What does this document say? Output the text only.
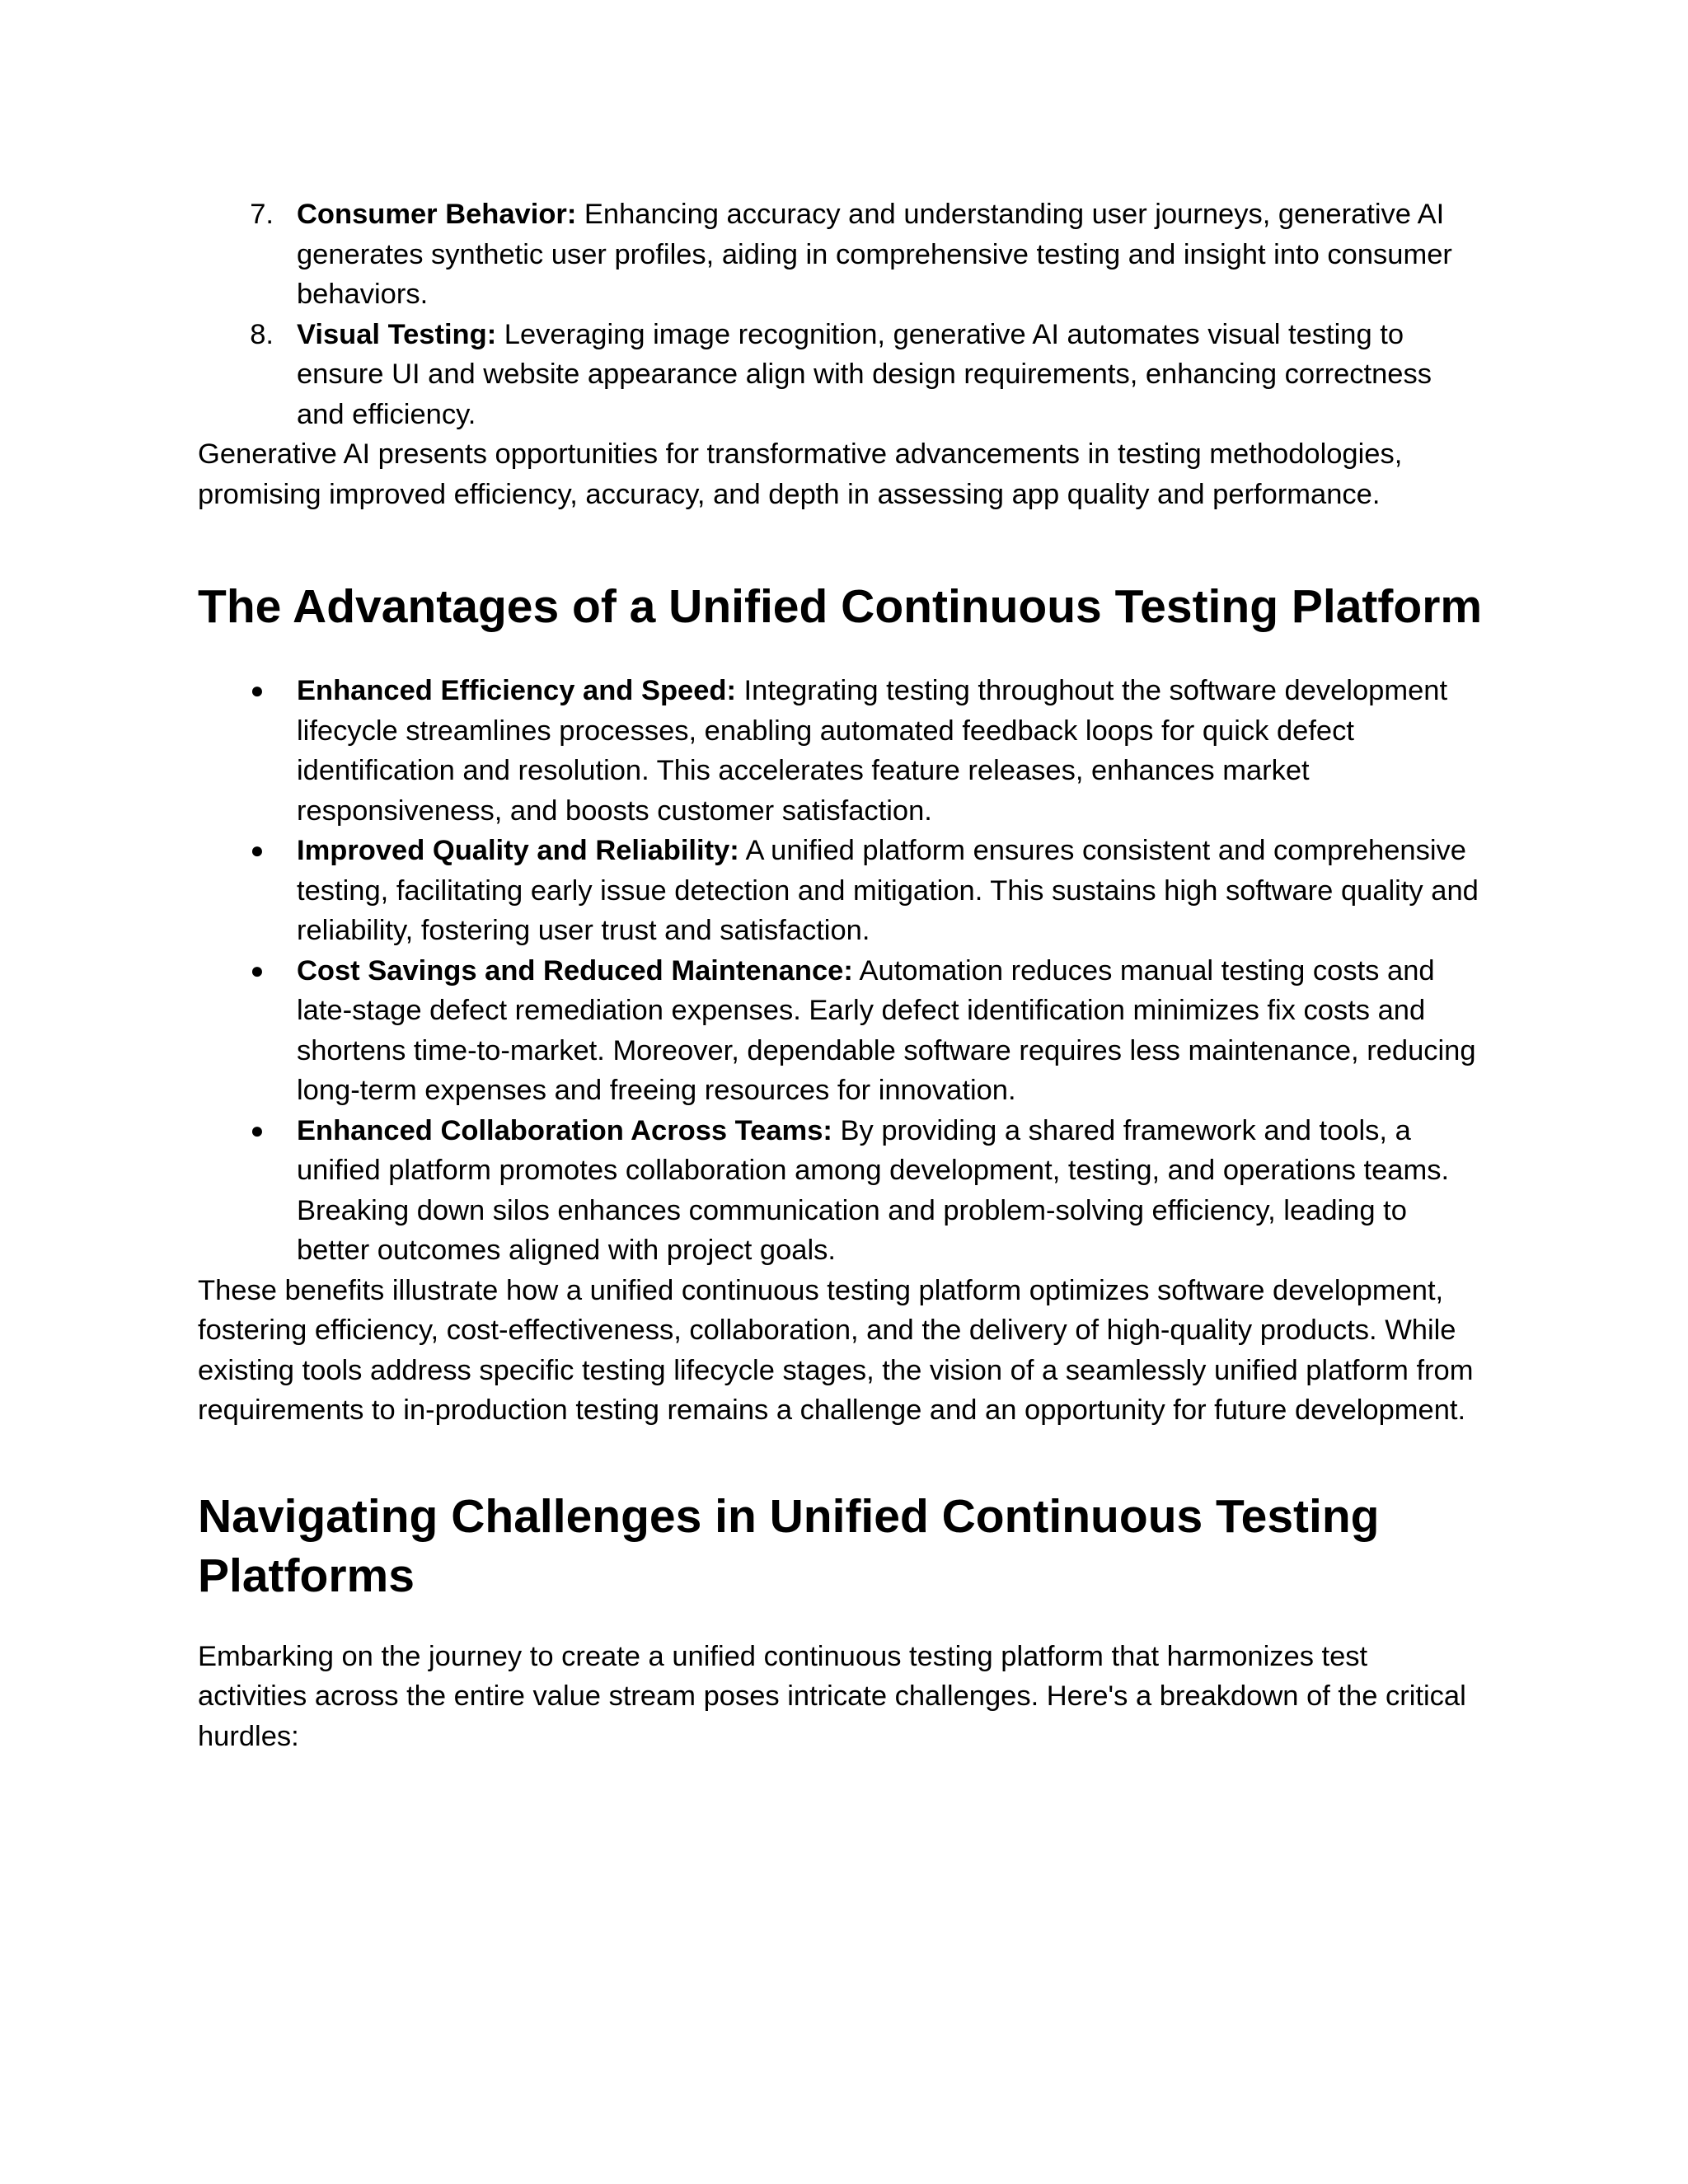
7. Consumer Behavior: Enhancing accuracy and understanding user journeys, generative AI generates synthetic user profiles, aiding in comprehensive testing and insight into consumer behaviors.
8. Visual Testing: Leveraging image recognition, generative AI automates visual testing to ensure UI and website appearance align with design requirements, enhancing correctness and efficiency.

Generative AI presents opportunities for transformative advancements in testing methodologies, promising improved efficiency, accuracy, and depth in assessing app quality and performance.

The Advantages of a Unified Continuous Testing Platform
● Enhanced Efficiency and Speed: Integrating testing throughout the software development lifecycle streamlines processes, enabling automated feedback loops for quick defect identification and resolution. This accelerates feature releases, enhances market responsiveness, and boosts customer satisfaction.
● Improved Quality and Reliability: A unified platform ensures consistent and comprehensive testing, facilitating early issue detection and mitigation. This sustains high software quality and reliability, fostering user trust and satisfaction.
● Cost Savings and Reduced Maintenance: Automation reduces manual testing costs and late-stage defect remediation expenses. Early defect identification minimizes fix costs and shortens time-to-market. Moreover, dependable software requires less maintenance, reducing long-term expenses and freeing resources for innovation.
● Enhanced Collaboration Across Teams: By providing a shared framework and tools, a unified platform promotes collaboration among development, testing, and operations teams. Breaking down silos enhances communication and problem-solving efficiency, leading to better outcomes aligned with project goals.

These benefits illustrate how a unified continuous testing platform optimizes software development, fostering efficiency, cost-effectiveness, collaboration, and the delivery of high-quality products. While existing tools address specific testing lifecycle stages, the vision of a seamlessly unified platform from requirements to in-production testing remains a challenge and an opportunity for future development.

Navigating Challenges in Unified Continuous Testing Platforms

Embarking on the journey to create a unified continuous testing platform that harmonizes test activities across the entire value stream poses intricate challenges. Here's a breakdown of the critical hurdles:
